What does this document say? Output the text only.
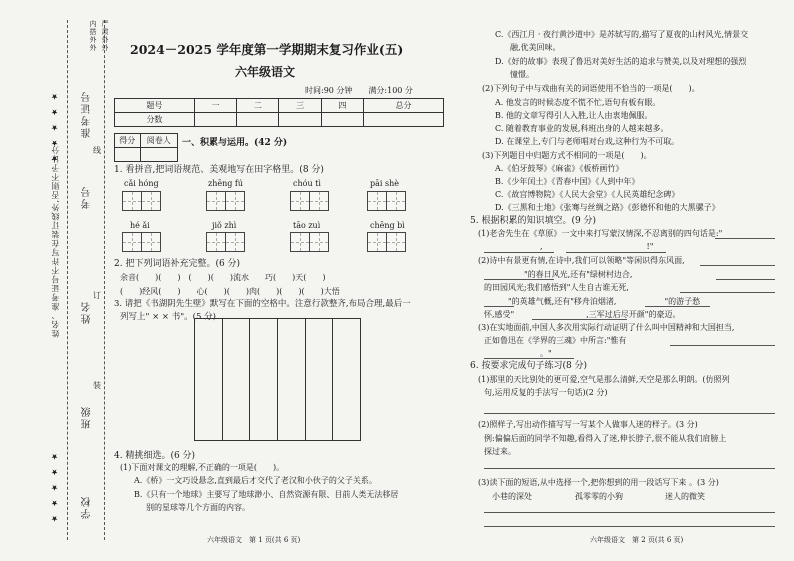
学校
班级
姓名
考号
准考证号
姓名、准考证号不许写在装订线外,否则不予计分
★ ★ ★ ★ ★
★ ★ ★ ★ ★
装
订
线
内搭外外 严肃外外 2024－2025 学年度第一学期期末复习作业(五)
六年级语文
时间:90 分钟　　满分:100 分
题号	一	二	三	四	总分
分数					
得分	阅卷人
	一、积累与运用。(42 分)
1. 看拼音,把词语规范、美观地写在田字格里。(8 分)
cǎi hóng	zhēng fú	chóu tì	pāi shè
hé ǎi	jiǒ zhì	tāo zuì	chēng bì
2. 把下列词语补充完整。(6 分)
余音(　　)(　　)　(　　)(　　)流水　　巧(　　)天(　　)
(　　)经风(　　)　　心(　　)(　　)肉(　　)(　　)(　　)大悟
3. 请把《书湖阴先生壁》默写在下面的空格中。注意行款整齐,布局合理,最后一
列写上" × × 书"。(5 分)
4. 精挑细选。(6 分)
(1)下面对课文的理解,不正确的一项是(　　)。
A.《桥》一文巧设悬念,直到最后才交代了老汉和小伙子的父子关系。
B.《只有一个地球》主要写了地球渺小、自然资源有限、目前人类无法移居
别的星球等几个方面的内容。
六年级语文　第 1 页(共 6 页)
C.《西江月 · 夜行黄沙道中》是苏轼写的,描写了夏夜的山村风光,情景交
融,优美回味。
D.《好的故事》表现了鲁迅对美好生活的追求与赞美,以及对理想的强烈
憧憬。
(2)下列句子中与戏曲有关的词语使用不恰当的一项是(　　)。
A. 他发言的时候态度不慌不忙,语句有板有眼。
B. 他的文章写得引人入胜,让人由衷地佩服。
C. 随着教育事业的发展,科班出身的人越来越多。
D. 在课堂上,专门与老师唱对台戏,这种行为不可取。
(3)下列题目中归题方式不相同的一项是(　　)。
A.《伯牙鼓琴》《麻雀》《板桥画竹》
B.《少年闰土》《青春中国》《人到中年》
C.《故宫博物院》《人民大会堂》《人民英雄纪念碑》
D.《三黑和土地》《张骞与丝绸之路》《彭德怀和他的大黑骡子》
5. 根据积累的知识填空。(9 分)
(1)老舍先生在《草原》一文中来打写蒙汉情深,不忍离别的四句话是:"
　　　　　　　,　　　　　　　　　　　　　!"
(2)诗中有景更有情,在诗中,我们可以领略"等闲识得东风面,
　　　　　"的春日风光,还有"绿树村边合,
的田园风光;我们感悟到"人生自古谁无死,
　　　"的英雄气概,还有"移舟泊烟渚,　　　　　　"的游子愁
怀,感受"　　　　　　　　　,三军过后尽开颜"的豪迈。
(3)在实地面前,中国人多次用实际行动证明了什么叫中国精神和大国担当,
正如鲁迅在《学界的三魂》中所言:"惟有
　　　　　　　。"
6. 按要求完成句子练习(8 分)
(1)那里的天比别处的更可爱,空气是那么清鲜,天空是那么明朗。(仿照列
句,运用反复的手法写一句话)(2 分)
(2)照样子,写出动作描写写一写某个人做事人迷的样子。(3 分)
例:偏偏后面的同学不知趣,看得入了迷,伸长脖子,很不能从我们肩膀上
探过来。
(3)读下面的短语,从中选择一个,把你想到的用一段话写下来 。(3 分)
小巷的深处	孤零零的小狗	迷人的微笑
六年级语文　第 2 页(共 6 页)
